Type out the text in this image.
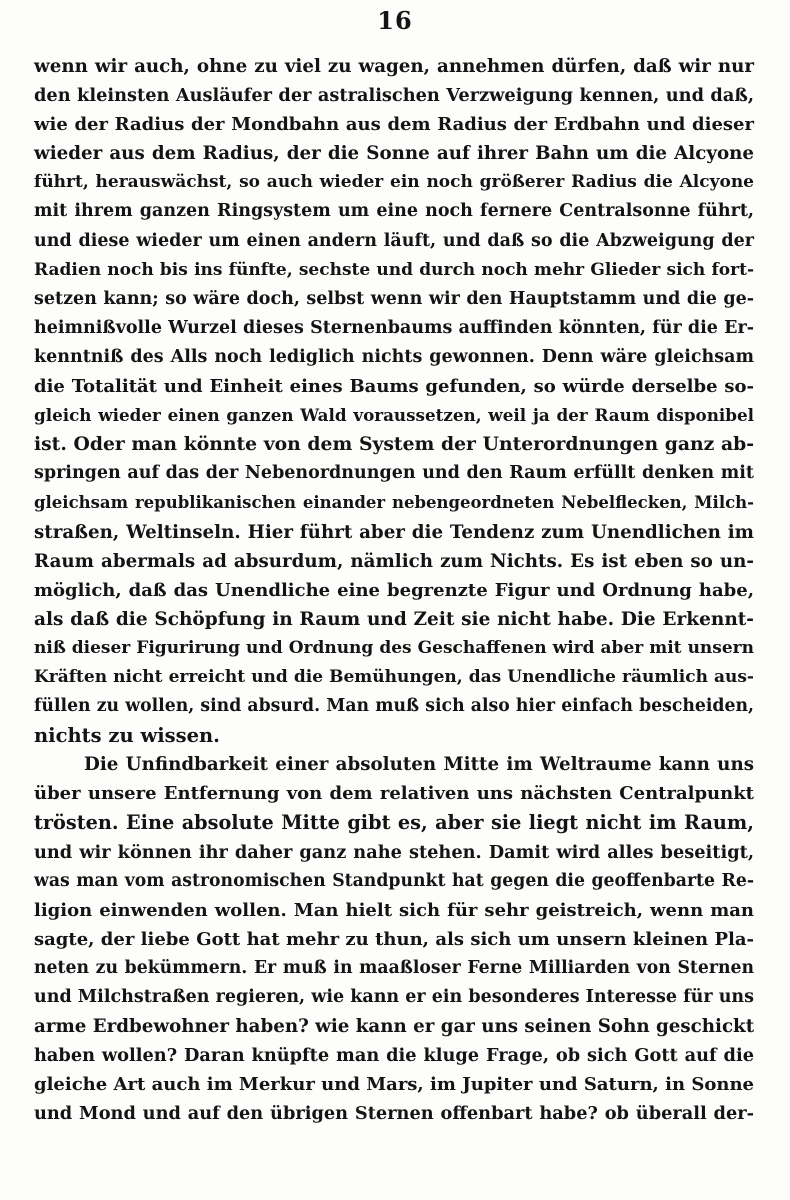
16
wenn wir auch, ohne zu viel zu wagen, annehmen dürfen, daß wir nur
den kleinsten Ausläufer der astralischen Verzweigung kennen, und daß,
wie der Radius der Mondbahn aus dem Radius der Erdbahn und dieser
wieder aus dem Radius, der die Sonne auf ihrer Bahn um die Alcyone
führt, herauswächst, so auch wieder ein noch größerer Radius die Alcyone
mit ihrem ganzen Ringsystem um eine noch fernere Centralsonne führt,
und diese wieder um einen andern läuft, und daß so die Abzweigung der
Radien noch bis ins fünfte, sechste und durch noch mehr Glieder sich fort-
setzen kann; so wäre doch, selbst wenn wir den Hauptstamm und die ge-
heimnißvolle Wurzel dieses Sternenbaums auffinden könnten, für die Er-
kenntniß des Alls noch lediglich nichts gewonnen. Denn wäre gleichsam
die Totalität und Einheit eines Baums gefunden, so würde derselbe so-
gleich wieder einen ganzen Wald voraussetzen, weil ja der Raum disponibel
ist. Oder man könnte von dem System der Unterordnungen ganz ab-
springen auf das der Nebenordnungen und den Raum erfüllt denken mit
gleichsam republikanischen einander nebengeordneten Nebelflecken, Milch-
straßen, Weltinseln. Hier führt aber die Tendenz zum Unendlichen im
Raum abermals ad absurdum, nämlich zum Nichts. Es ist eben so un-
möglich, daß das Unendliche eine begrenzte Figur und Ordnung habe,
als daß die Schöpfung in Raum und Zeit sie nicht habe. Die Erkennt-
niß dieser Figurirung und Ordnung des Geschaffenen wird aber mit unsern
Kräften nicht erreicht und die Bemühungen, das Unendliche räumlich aus-
füllen zu wollen, sind absurd. Man muß sich also hier einfach bescheiden,
nichts zu wissen.
Die Unfindbarkeit einer absoluten Mitte im Weltraume kann uns
über unsere Entfernung von dem relativen uns nächsten Centralpunkt
trösten. Eine absolute Mitte gibt es, aber sie liegt nicht im Raum,
und wir können ihr daher ganz nahe stehen. Damit wird alles beseitigt,
was man vom astronomischen Standpunkt hat gegen die geoffenbarte Re-
ligion einwenden wollen. Man hielt sich für sehr geistreich, wenn man
sagte, der liebe Gott hat mehr zu thun, als sich um unsern kleinen Pla-
neten zu bekümmern. Er muß in maaßloser Ferne Milliarden von Sternen
und Milchstraßen regieren, wie kann er ein besonderes Interesse für uns
arme Erdbewohner haben? wie kann er gar uns seinen Sohn geschickt
haben wollen? Daran knüpfte man die kluge Frage, ob sich Gott auf die
gleiche Art auch im Merkur und Mars, im Jupiter und Saturn, in Sonne
und Mond und auf den übrigen Sternen offenbart habe? ob überall der-
